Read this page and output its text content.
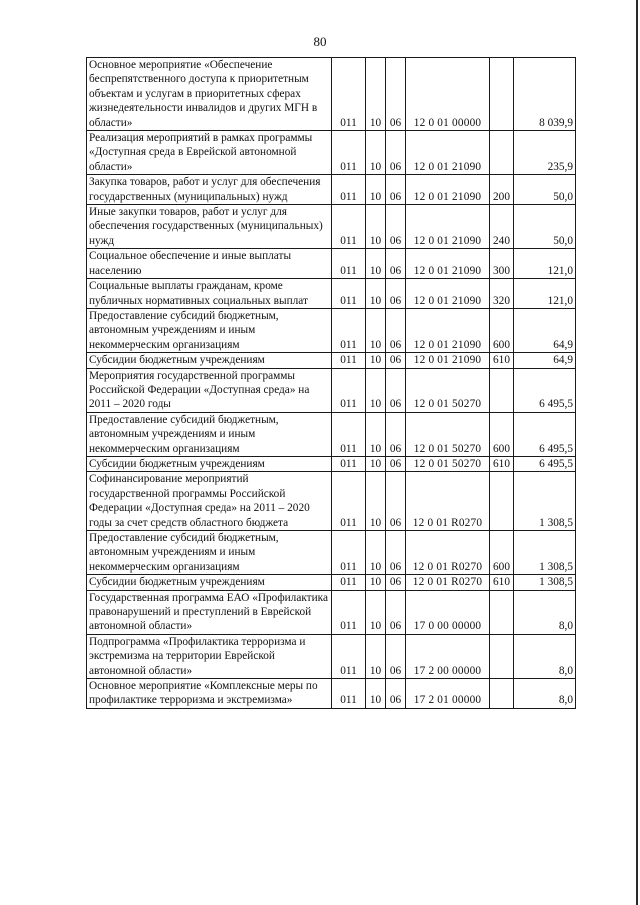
80
Основное мероприятие «Обеспечение беспрепятственного доступа к приоритетным объектам и услугам в приоритетных сферах жизнедеятельности инвалидов и других МГН в области»	011	10	06	12 0 01 00000		8 039,9
Реализация мероприятий в рамках программы «Доступная среда в Еврейской автономной области»	011	10	06	12 0 01 21090		235,9
Закупка товаров, работ и услуг для обеспечения государственных (муниципальных) нужд	011	10	06	12 0 01 21090	200	50,0
Иные закупки товаров, работ и услуг для обеспечения государственных (муниципальных) нужд	011	10	06	12 0 01 21090	240	50,0
Социальное обеспечение и иные выплаты населению	011	10	06	12 0 01 21090	300	121,0
Социальные выплаты гражданам, кроме публичных нормативных социальных выплат	011	10	06	12 0 01 21090	320	121,0
Предоставление субсидий бюджетным, автономным учреждениям и иным некоммерческим организациям	011	10	06	12 0 01 21090	600	64,9
Субсидии бюджетным учреждениям	011	10	06	12 0 01 21090	610	64,9
Мероприятия государственной программы Российской Федерации «Доступная среда» на 2011 – 2020 годы	011	10	06	12 0 01 50270		6 495,5
Предоставление субсидий бюджетным, автономным учреждениям и иным некоммерческим организациям	011	10	06	12 0 01 50270	600	6 495,5
Субсидии бюджетным учреждениям	011	10	06	12 0 01 50270	610	6 495,5
Софинансирование мероприятий государственной программы Российской Федерации «Доступная среда» на 2011 – 2020 годы за счет средств областного бюджета	011	10	06	12 0 01 R0270		1 308,5
Предоставление субсидий бюджетным, автономным учреждениям и иным некоммерческим организациям	011	10	06	12 0 01 R0270	600	1 308,5
Субсидии бюджетным учреждениям	011	10	06	12 0 01 R0270	610	1 308,5
Государственная программа ЕАО «Профилактика правонарушений и преступлений в Еврейской автономной области»	011	10	06	17 0 00 00000		8,0
Подпрограмма «Профилактика терроризма и экстремизма на территории Еврейской автономной области»	011	10	06	17 2 00 00000		8,0
Основное мероприятие «Комплексные меры по профилактике терроризма и экстремизма»	011	10	06	17 2 01 00000		8,0
